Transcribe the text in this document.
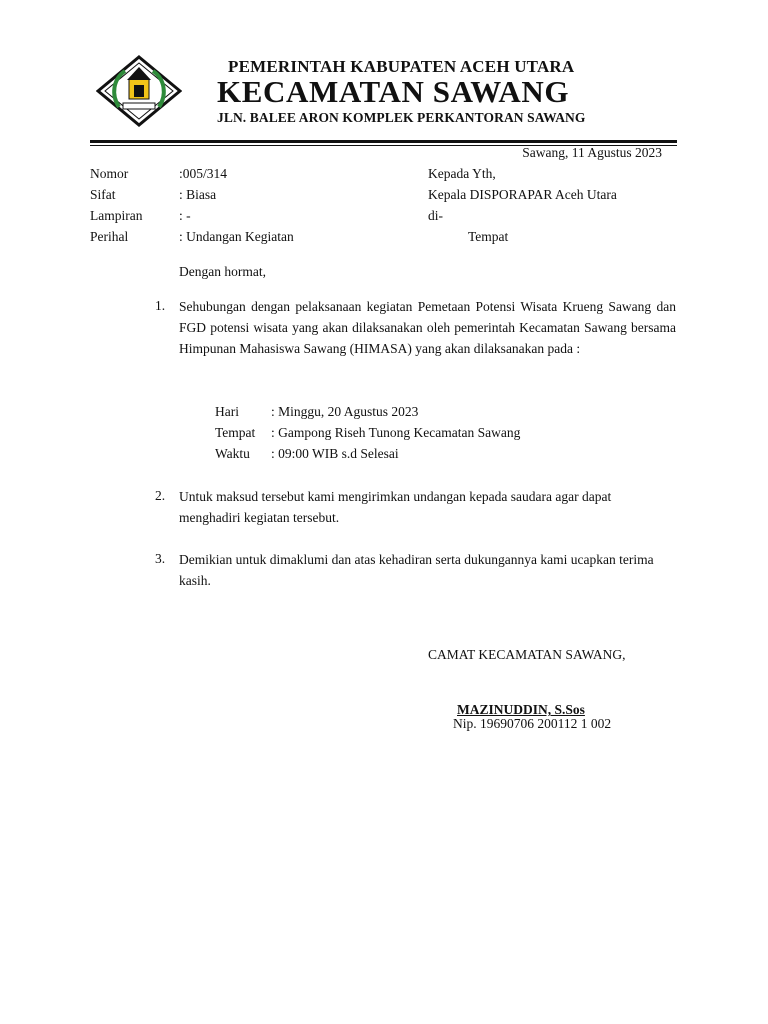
PEMERINTAH KABUPATEN ACEH UTARA
KECAMATAN SAWANG
JLN. BALEE ARON KOMPLEK PERKANTORAN SAWANG
Sawang, 11 Agustus 2023
Nomor	:005/314
Sifat	: Biasa
Lampiran	: -
Perihal	: Undangan Kegiatan
Kepada Yth,
Kepala DISPORAPAR Aceh Utara
di-
Tempat
Dengan hormat,
1. Sehubungan dengan pelaksanaan kegiatan Pemetaan Potensi Wisata Krueng Sawang dan FGD potensi wisata yang akan dilaksanakan oleh pemerintah Kecamatan Sawang bersama Himpunan Mahasiswa Sawang (HIMASA) yang akan dilaksanakan pada :
Hari : Minggu, 20 Agustus 2023
Tempat : Gampong Riseh Tunong Kecamatan Sawang
Waktu : 09:00 WIB s.d Selesai
2. Untuk maksud tersebut kami mengirimkan undangan kepada saudara agar dapat menghadiri kegiatan tersebut.
3. Demikian untuk dimaklumi dan atas kehadiran serta dukungannya kami ucapkan terima kasih.
CAMAT KECAMATAN SAWANG,
MAZINUDDIN, S.Sos
Nip. 19690706 200112 1 002
